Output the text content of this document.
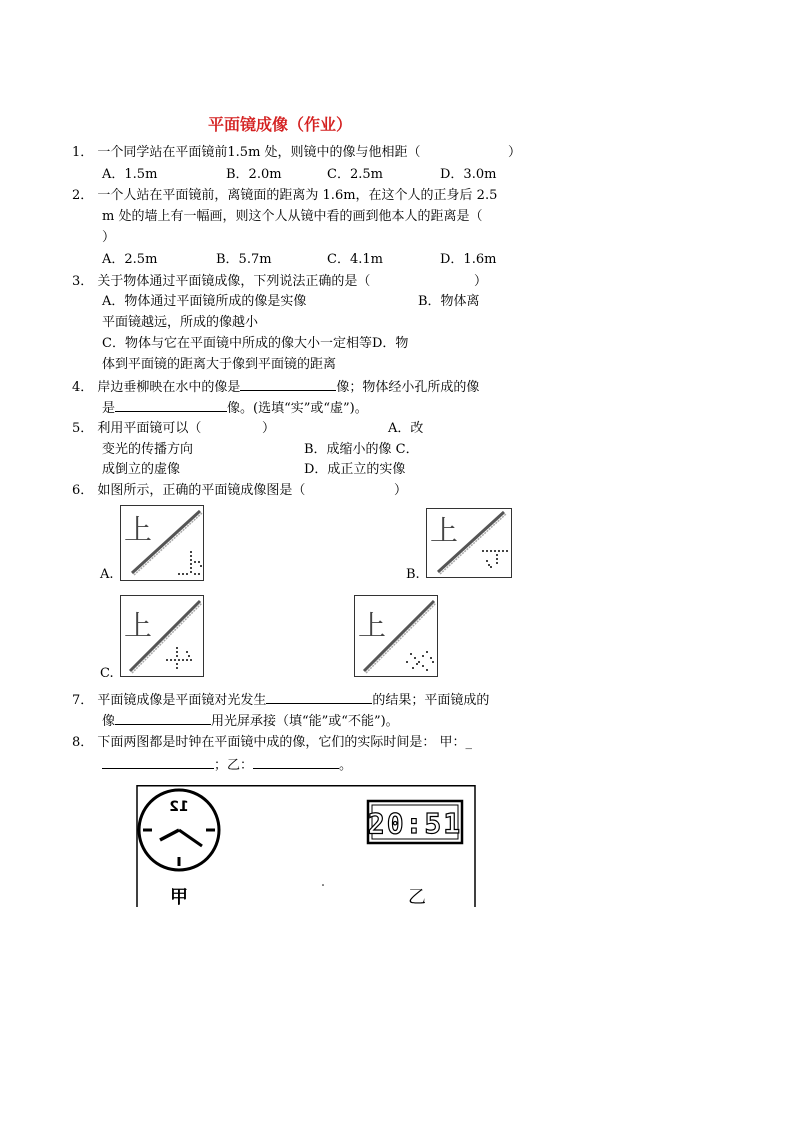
平面镜成像（作业）
1． 一个同学站在平面镜前1.5m 处，则镜中的像与他相距（	）
A．1.5m	B．2.0m	C．2.5m	D．3.0m
2． 一个人站在平面镜前，离镜面的距离为 1.6m，在这个人的正身后 2.5
m 处的墙上有一幅画，则这个人从镜中看的画到他本人的距离是（
）
A．2.5m	B．5.7m	C．4.1m	D．1.6m
3． 关于物体通过平面镜成像，下列说法正确的是（	）
A．物体通过平面镜所成的像是实像	B．物体离
平面镜越远，所成的像越小
C．物体与它在平面镜中所成的像大小一定相等D．物
体到平面镜的距离大于像到平面镜的距离
4． 岸边垂柳映在水中的像是	像；物体经小孔所成的像
是	像。(选填“实”或“虚”)。
5． 利用平面镜可以（	）	A．改
变光的传播方向	B．成缩小的像 C．
成倒立的虚像	D．成正立的实像
6． 如图所示，正确的平面镜成像图是（	）
A.
上
B.
上
C.
上	上
7． 平面镜成像是平面镜对光发生	的结果；平面镜成的
像	用光屏承接（填“能”或“不能”)。
8． 下面两图都是时钟在平面镜中成的像，它们的实际时间是： 甲：_
；乙：	。
12	20:51
甲	乙
